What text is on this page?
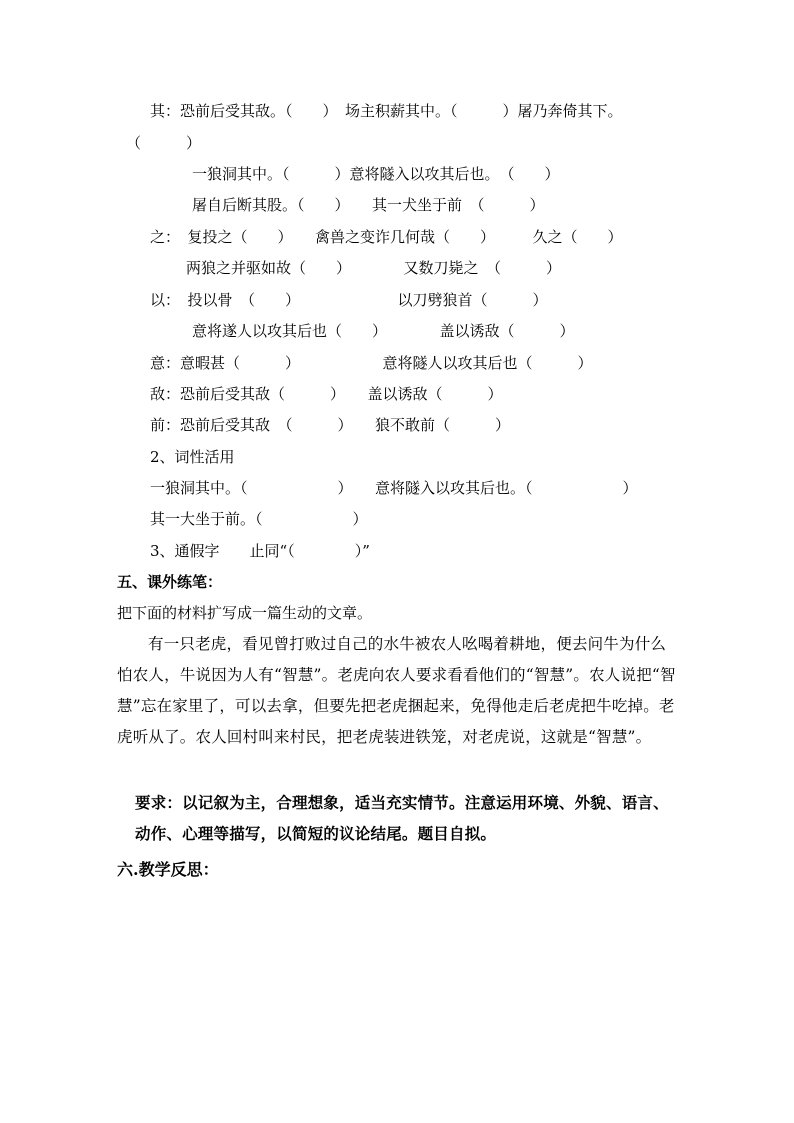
其：恐前后受其敌。（　　）　场主积薪其中。（　　　）屠乃奔倚其下。
（　　　）
一狼洞其中。（　　　）意将隧入以攻其后也。　（　　）
屠自后断其股。（　　）　　其一犬坐于前　（　　　）
之：　复投之（　　）　　禽兽之变诈几何哉（　　）　　　久之（　　）
两狼之并驱如故（　　）　　　　又数刀毙之　（　　　）
以：　投以骨　（　　）　　　　　　　以刀劈狼首（　　　）
意将遂人以攻其后也（　　）　　　　盖以诱敌（　　　）
意：意暇甚（　　　）　　　　　　意将隧人以攻其后也（　　　）
敌：恐前后受其敌（　　　）　　盖以诱敌（　　　）
前：恐前后受其敌　（　　　）　　狼不敢前（　　　）
2、词性活用
一狼洞其中。（　　　　　　）　　意将隧入以攻其后也。（　　　　　　）
其一大坐于前。（　　　　　　）
3、通假字　　止同“（　　　　）”
五、课外练笔：
把下面的材料扩写成一篇生动的文章。
有一只老虎，看见曾打败过自己的水牛被农人吆喝着耕地，便去问牛为什么怕农人，牛说因为人有“智慧”。老虎向农人要求看看他们的“智慧”。农人说把“智慧”忘在家里了，可以去拿，但要先把老虎捆起来，免得他走后老虎把牛吃掉。老虎听从了。农人回村叫来村民，把老虎装进铁笼，对老虎说，这就是“智慧”。
要求：以记叙为主，合理想象，适当充实情节。注意运用环境、外貌、语言、动作、心理等描写，以简短的议论结尾。题目自拟。
六.教学反思：
